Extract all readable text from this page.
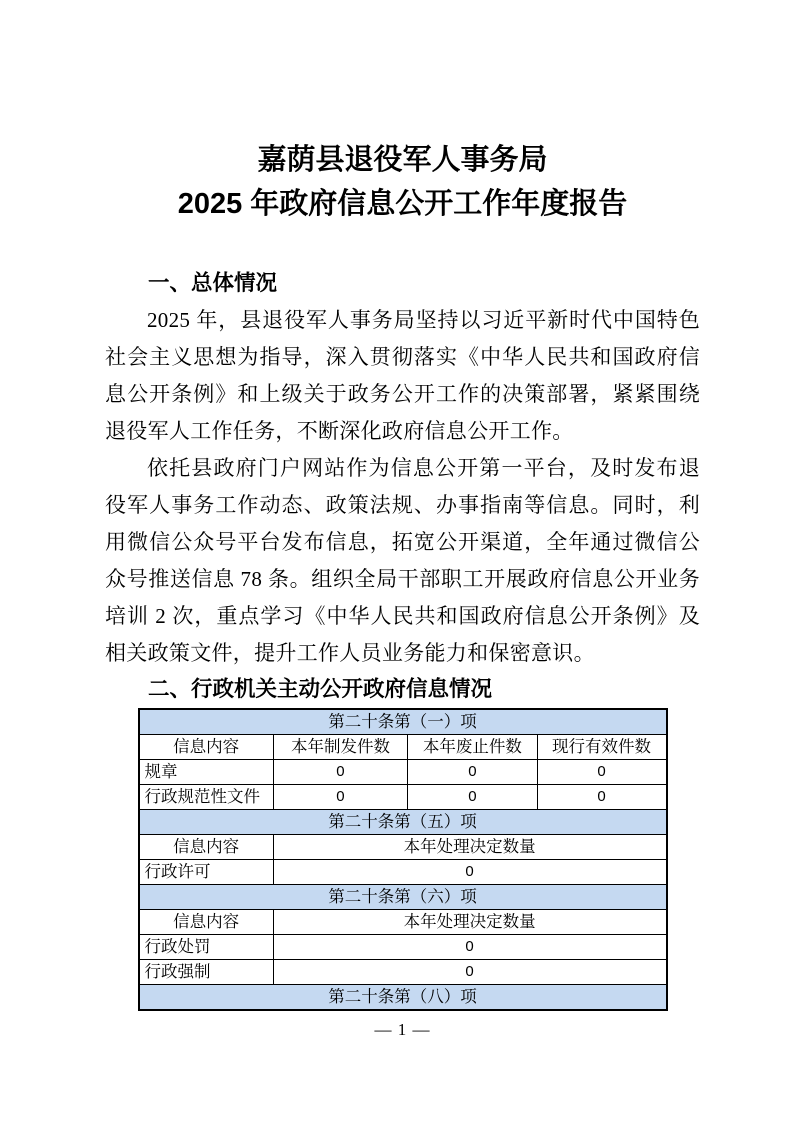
嘉荫县退役军人事务局
2025 年政府信息公开工作年度报告
一、总体情况

2025 年，县退役军人事务局坚持以习近平新时代中国特色社会主义思想为指导，深入贯彻落实《中华人民共和国政府信息公开条例》和上级关于政务公开工作的决策部署，紧紧围绕退役军人工作任务，不断深化政府信息公开工作。

依托县政府门户网站作为信息公开第一平台，及时发布退役军人事务工作动态、政策法规、办事指南等信息。同时，利用微信公众号平台发布信息，拓宽公开渠道，全年通过微信公众号推送信息 78 条。组织全局干部职工开展政府信息公开业务培训 2 次，重点学习《中华人民共和国政府信息公开条例》及相关政策文件，提升工作人员业务能力和保密意识。

二、行政机关主动公开政府信息情况
第二十条第（一）项			
信息内容	本年制发件数	本年废止件数	现行有效件数
规章	0	0	0
行政规范性文件	0	0	0
第二十条第（五）项			
信息内容	本年处理决定数量		
行政许可	0		
第二十条第（六）项			
信息内容	本年处理决定数量		
行政处罚	0		
行政强制	0		
第二十条第（八）项			
— 1 —
